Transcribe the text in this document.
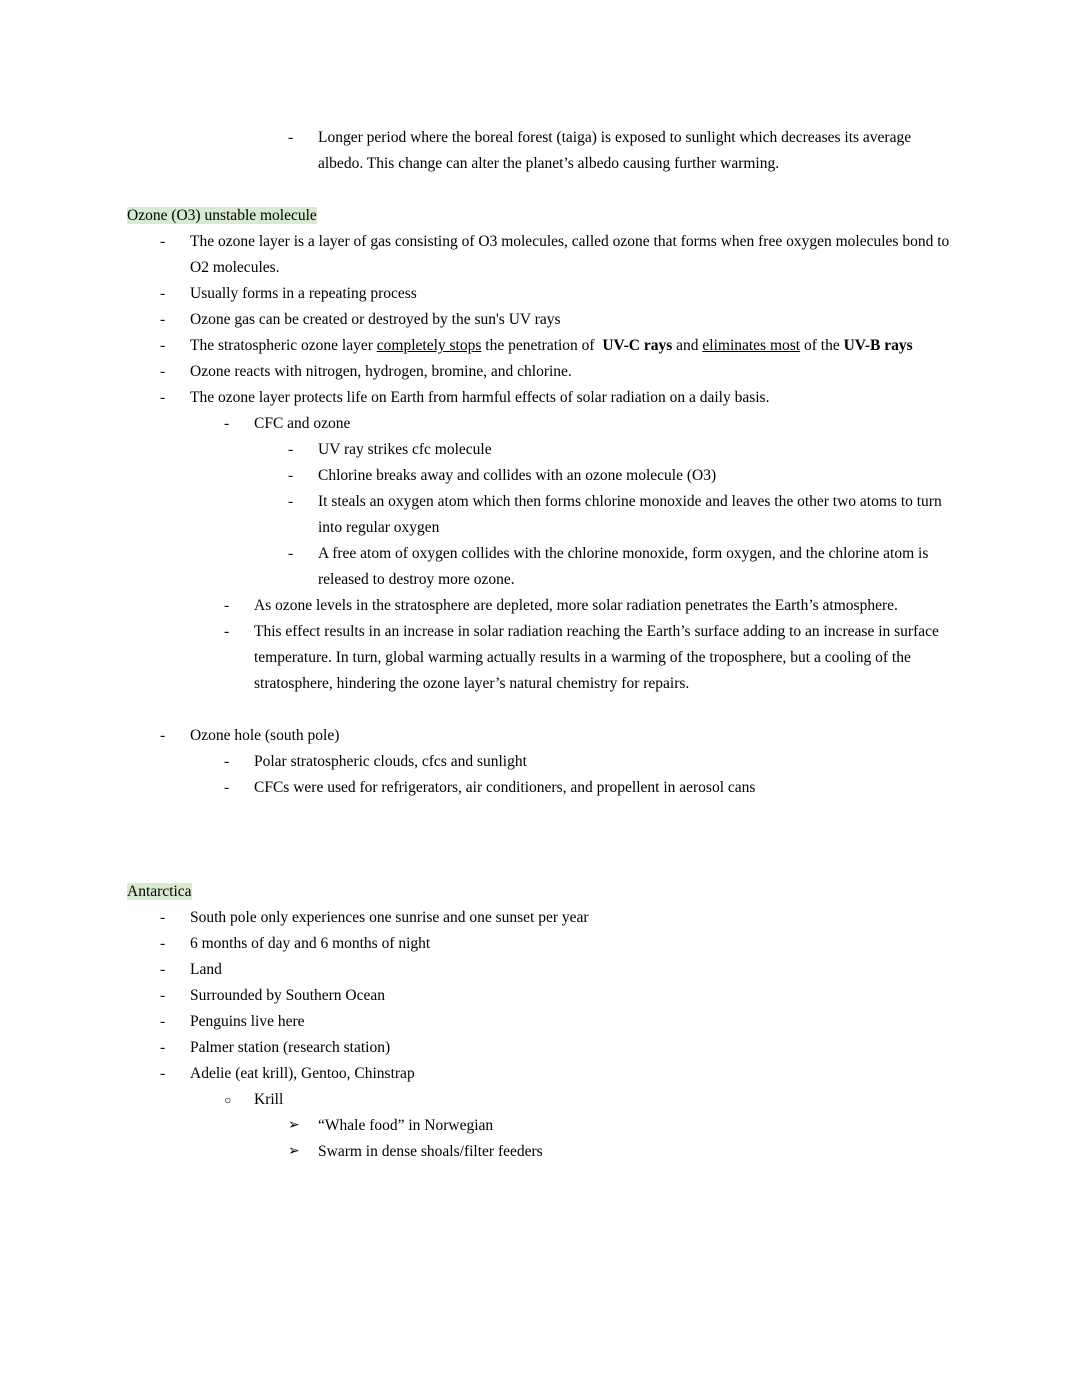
-	Longer period where the boreal forest (taiga) is exposed to sunlight which decreases its average albedo. This change can alter the planet’s albedo causing further warming.
Ozone (O3) unstable molecule
-	The ozone layer is a layer of gas consisting of O3 molecules, called ozone that forms when free oxygen molecules bond to O2 molecules.
-	Usually forms in a repeating process
-	Ozone gas can be created or destroyed by the sun's UV rays
-	The stratospheric ozone layer completely stops the penetration of  UV-C rays and eliminates most of the UV-B rays
-	Ozone reacts with nitrogen, hydrogen, bromine, and chlorine.
-	The ozone layer protects life on Earth from harmful effects of solar radiation on a daily basis.
-	CFC and ozone
-	UV ray strikes cfc molecule
-	Chlorine breaks away and collides with an ozone molecule (O3)
-	It steals an oxygen atom which then forms chlorine monoxide and leaves the other two atoms to turn into regular oxygen
-	A free atom of oxygen collides with the chlorine monoxide, form oxygen, and the chlorine atom is released to destroy more ozone.
-	As ozone levels in the stratosphere are depleted, more solar radiation penetrates the Earth’s atmosphere.
-	This effect results in an increase in solar radiation reaching the Earth’s surface adding to an increase in surface temperature. In turn, global warming actually results in a warming of the troposphere, but a cooling of the stratosphere, hindering the ozone layer’s natural chemistry for repairs.
-	Ozone hole (south pole)
-	Polar stratospheric clouds, cfcs and sunlight
-	CFCs were used for refrigerators, air conditioners, and propellent in aerosol cans
Antarctica
-	South pole only experiences one sunrise and one sunset per year
-	6 months of day and 6 months of night
-	Land
-	Surrounded by Southern Ocean
-	Penguins live here
-	Palmer station (research station)
-	Adelie (eat krill), Gentoo, Chinstrap
○	Krill
➢	“Whale food” in Norwegian
➢	Swarm in dense shoals/filter feeders
